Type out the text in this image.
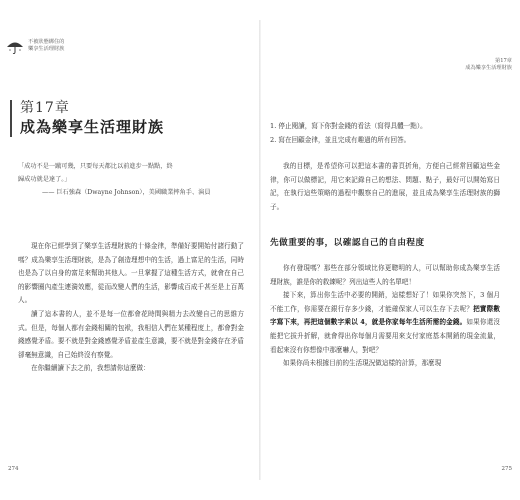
不被狀態綁住的
樂享生活理財族
第17章
成為樂享生活理財族
第17章
成為樂享生活理財族
「成功不是一蹴可幾，只要每天都比以前進步一點點，終
歸成功就是達了。」
—— 巨石強森（Dwayne Johnson），美國職業摔角手、演員

現在你已經學到了樂享生活理財族的十條金律，準備好要開始付諸行動了嗎？成為樂享生活理財族，是為了創造理想中的生活，過上富足的生活，同時也是為了以自身的富足來幫助其他人。一旦掌握了這種生活方式，就會在自己的影響圈內產生連漪效應，從而改變人們的生活，影響成百成千甚至是上百萬人。

讀了這本書的人，並不是每一位都會花時間與精力去改變自己的思維方式。但是，每個人都有金錢相關的包袱，我相信人們在某種程度上，都會對金錢感覺矛盾。要不就是對金錢感覺矛盾並產生意識，要不就是對金錢存在矛盾卻毫無意識，自己始終沒有察覺。

在你繼續讀下去之前，我想請你這麼做：

274
1. 停止閱讀，寫下你對金錢的看法（寫得具體一點）。
2. 寫在回顧金律，並且完成有趣過的所有回答。

我的目標，是希望你可以把這本書的書頁折角，方便自己經常回顧這些金律，你可以做標記，用它來記錄自己的想法、問題、點子，最好可以開始寫日記，在執行這些策略的過程中觀察自己的進展，並且成為樂享生活理財族的獅子。

先做重要的事，以確認自己的自由程度

你有發現嗎？那些在部分領域比你更聰明的人，可以幫助你成為樂享生活理財族，誰是你的救練呢？列出這些人的名單吧！

接下來，算出你生活中必要的開銷，這樣想好了！如果你突然下，3 個月不能工作，你需要在銀行存多少錢，才能確保家人可以生存下去呢？把實際數字寫下來，再把這個數字乘以 4，就是你家每年生活所需的金錢。如果你還沒能把它拔升折解，就會得出你每個月需要用來支付家庭基本開銷的現金流量，看起來沒有你想像中那麼嚇人，對吧？

如果你尚未根據目前的生活現況做這樣的計算，那麼現

275
